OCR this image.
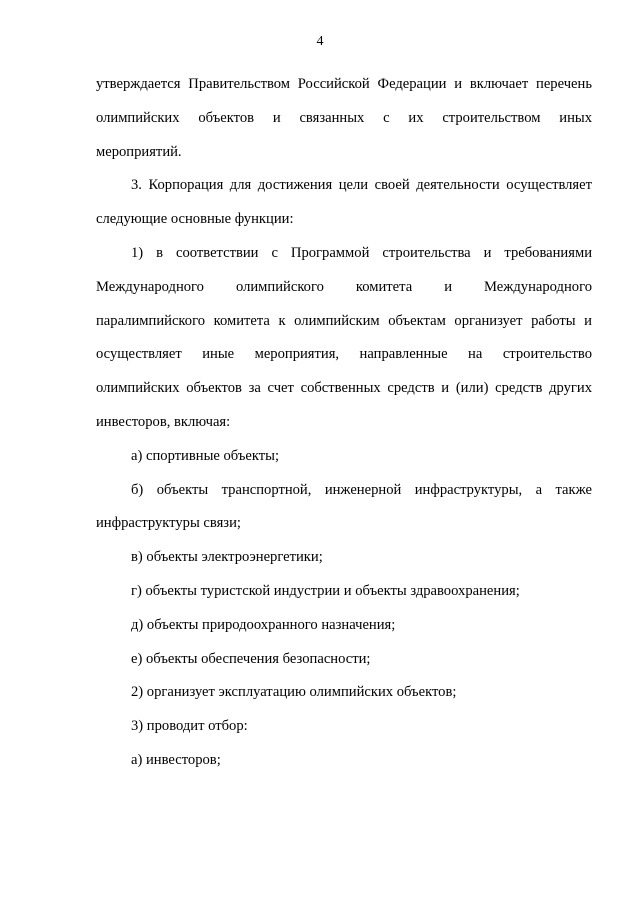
4
утверждается Правительством Российской Федерации и включает перечень
олимпийских объектов и связанных с их строительством иных
мероприятий.
3. Корпорация для достижения цели своей деятельности осуществляет
следующие основные функции:
1) в соответствии с Программой строительства и требованиями
Международного олимпийского комитета и Международного
паралимпийского комитета к олимпийским объектам организует работы и
осуществляет иные мероприятия, направленные на строительство
олимпийских объектов за счет собственных средств и (или) средств других
инвесторов, включая:
а) спортивные объекты;
б) объекты транспортной, инженерной инфраструктуры, а также
инфраструктуры связи;
в) объекты электроэнергетики;
г) объекты туристской индустрии и объекты здравоохранения;
д) объекты природоохранного назначения;
е) объекты обеспечения безопасности;
2) организует эксплуатацию олимпийских объектов;
3) проводит отбор:
а) инвесторов;
